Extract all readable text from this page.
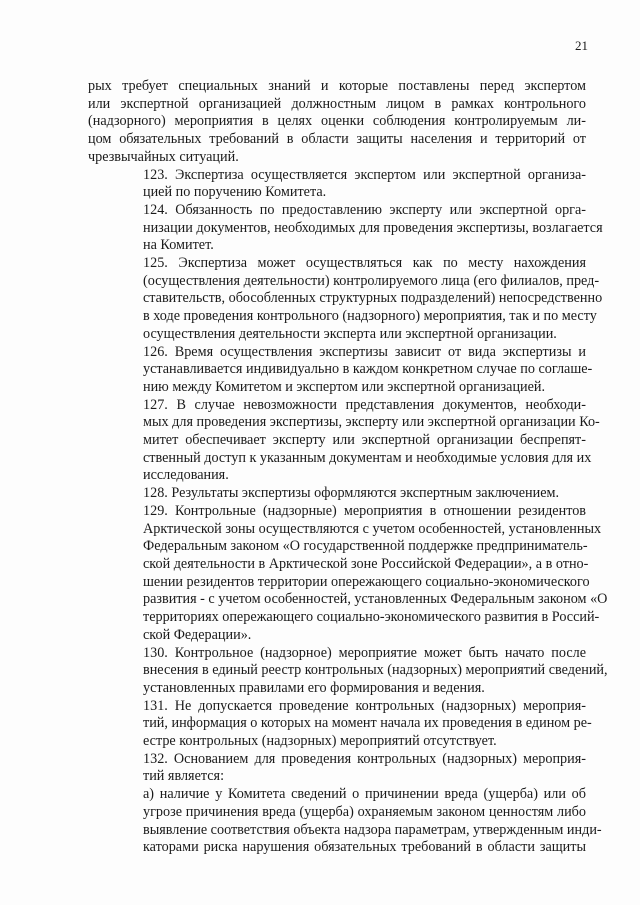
21

рых требует специальных знаний и которые поставлены перед экспертом
или экспертной организацией должностным лицом в рамках контрольного
(надзорного) мероприятия в целях оценки соблюдения контролируемым ли-
цом обязательных требований в области защиты населения и территорий от
чрезвычайных ситуаций.

123. Экспертиза осуществляется экспертом или экспертной организа-
цией по поручению Комитета.

124. Обязанность по предоставлению эксперту или экспертной орга-
низации документов, необходимых для проведения экспертизы, возлагается
на Комитет.

125. Экспертиза может осуществляться как по месту нахождения
(осуществления деятельности) контролируемого лица (его филиалов, пред-
ставительств, обособленных структурных подразделений) непосредственно
в ходе проведения контрольного (надзорного) мероприятия, так и по месту
осуществления деятельности эксперта или экспертной организации.

126. Время осуществления экспертизы зависит от вида экспертизы и
устанавливается индивидуально в каждом конкретном случае по соглаше-
нию между Комитетом и экспертом или экспертной организацией.

127. В случае невозможности представления документов, необходи-
мых для проведения экспертизы, эксперту или экспертной организации Ко-
митет обеспечивает эксперту или экспертной организации беспрепят-
ственный доступ к указанным документам и необходимые условия для их
исследования.

128. Результаты экспертизы оформляются экспертным заключением.

129. Контрольные (надзорные) мероприятия в отношении резидентов
Арктической зоны осуществляются с учетом особенностей, установленных
Федеральным законом «О государственной поддержке предприниматель-
ской деятельности в Арктической зоне Российской Федерации», а в отно-
шении резидентов территории опережающего социально-экономического
развития - с учетом особенностей, установленных Федеральным законом «О
территориях опережающего социально-экономического развития в Россий-
ской Федерации».

130. Контрольное (надзорное) мероприятие может быть начато после
внесения в единый реестр контрольных (надзорных) мероприятий сведений,
установленных правилами его формирования и ведения.

131. Не допускается проведение контрольных (надзорных) мероприя-
тий, информация о которых на момент начала их проведения в едином ре-
естре контрольных (надзорных) мероприятий отсутствует.

132. Основанием для проведения контрольных (надзорных) мероприя-
тий является:

а) наличие у Комитета сведений о причинении вреда (ущерба) или об
угрозе причинения вреда (ущерба) охраняемым законом ценностям либо
выявление соответствия объекта надзора параметрам, утвержденным инди-
каторами риска нарушения обязательных требований в области защиты
